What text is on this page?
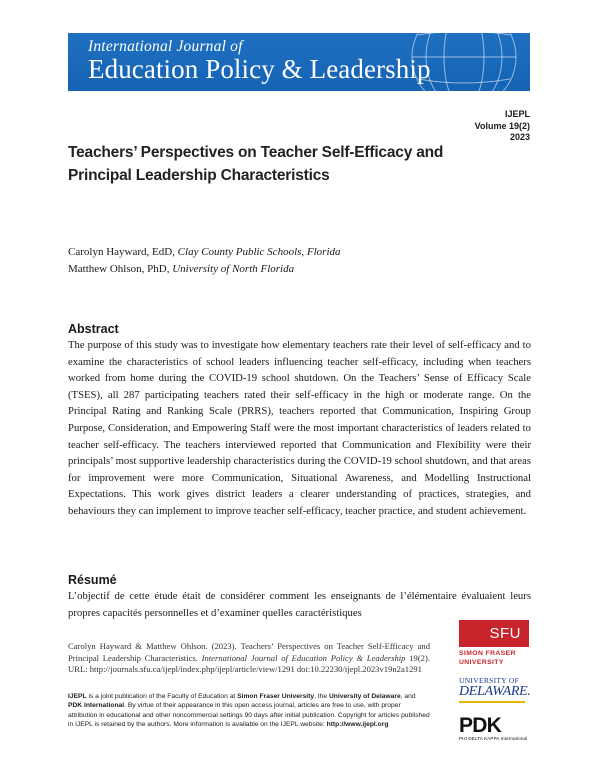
International Journal of
Education Policy & Leadership
IJEPL
Volume 19(2)
2023
Teachers’ Perspectives on Teacher Self-Efficacy and Principal Leadership Characteristics
Carolyn Hayward, EdD, Clay County Public Schools, Florida
Matthew Ohlson, PhD, University of North Florida
Abstract
The purpose of this study was to investigate how elementary teachers rate their level of self-efficacy and to examine the characteristics of school leaders influencing teacher self-efficacy, including when teachers worked from home during the COVID-19 school shutdown. On the Teachers’ Sense of Efficacy Scale (TSES), all 287 participating teachers rated their self-efficacy in the high or moderate range. On the Principal Rating and Ranking Scale (PRRS), teachers reported that Communication, Inspiring Group Purpose, Consideration, and Empowering Staff were the most important characteristics of leaders related to teacher self-efficacy. The teachers interviewed reported that Communication and Flexibility were their principals’ most supportive leadership characteristics during the COVID-19 school shutdown, and that areas for improvement were more Communication, Situational Awareness, and Modelling Instructional Expectations. This work gives district leaders a clearer understanding of practices, strategies, and behaviours they can implement to improve teacher self-efficacy, teacher practice, and student achievement.
Résumé
L’objectif de cette étude était de considérer comment les enseignants de l’élémentaire évaluaient leurs propres capacités personnelles et d’examiner quelles caractéristiques
Carolyn Hayward & Matthew Ohlson. (2023). Teachers’ Perspectives on Teacher Self-Efficacy and Principal Leadership Characteristics. International Journal of Education Policy & Leadership 19(2). URL: http://journals.sfu.ca/ijepl/index.php/ijepl/article/view/1291 doi:10.22230/ijepl.2023v19n2a1291
IJEPL is a joint publication of the Faculty of Education at Simon Fraser University, the University of Delaware, and PDK International. By virtue of their appearance in this open access journal, articles are free to use, with proper attribution in educational and other noncommercial settings 90 days after initial publication. Copyright for articles published in IJEPL is retained by the authors. More information is available on the IJEPL website: http://www.ijepl.org
SFU
SIMON FRASER
UNIVERSITY
UNIVERSITY OF
DELAWARE.
PDK
PHI DELTA KAPPA International
